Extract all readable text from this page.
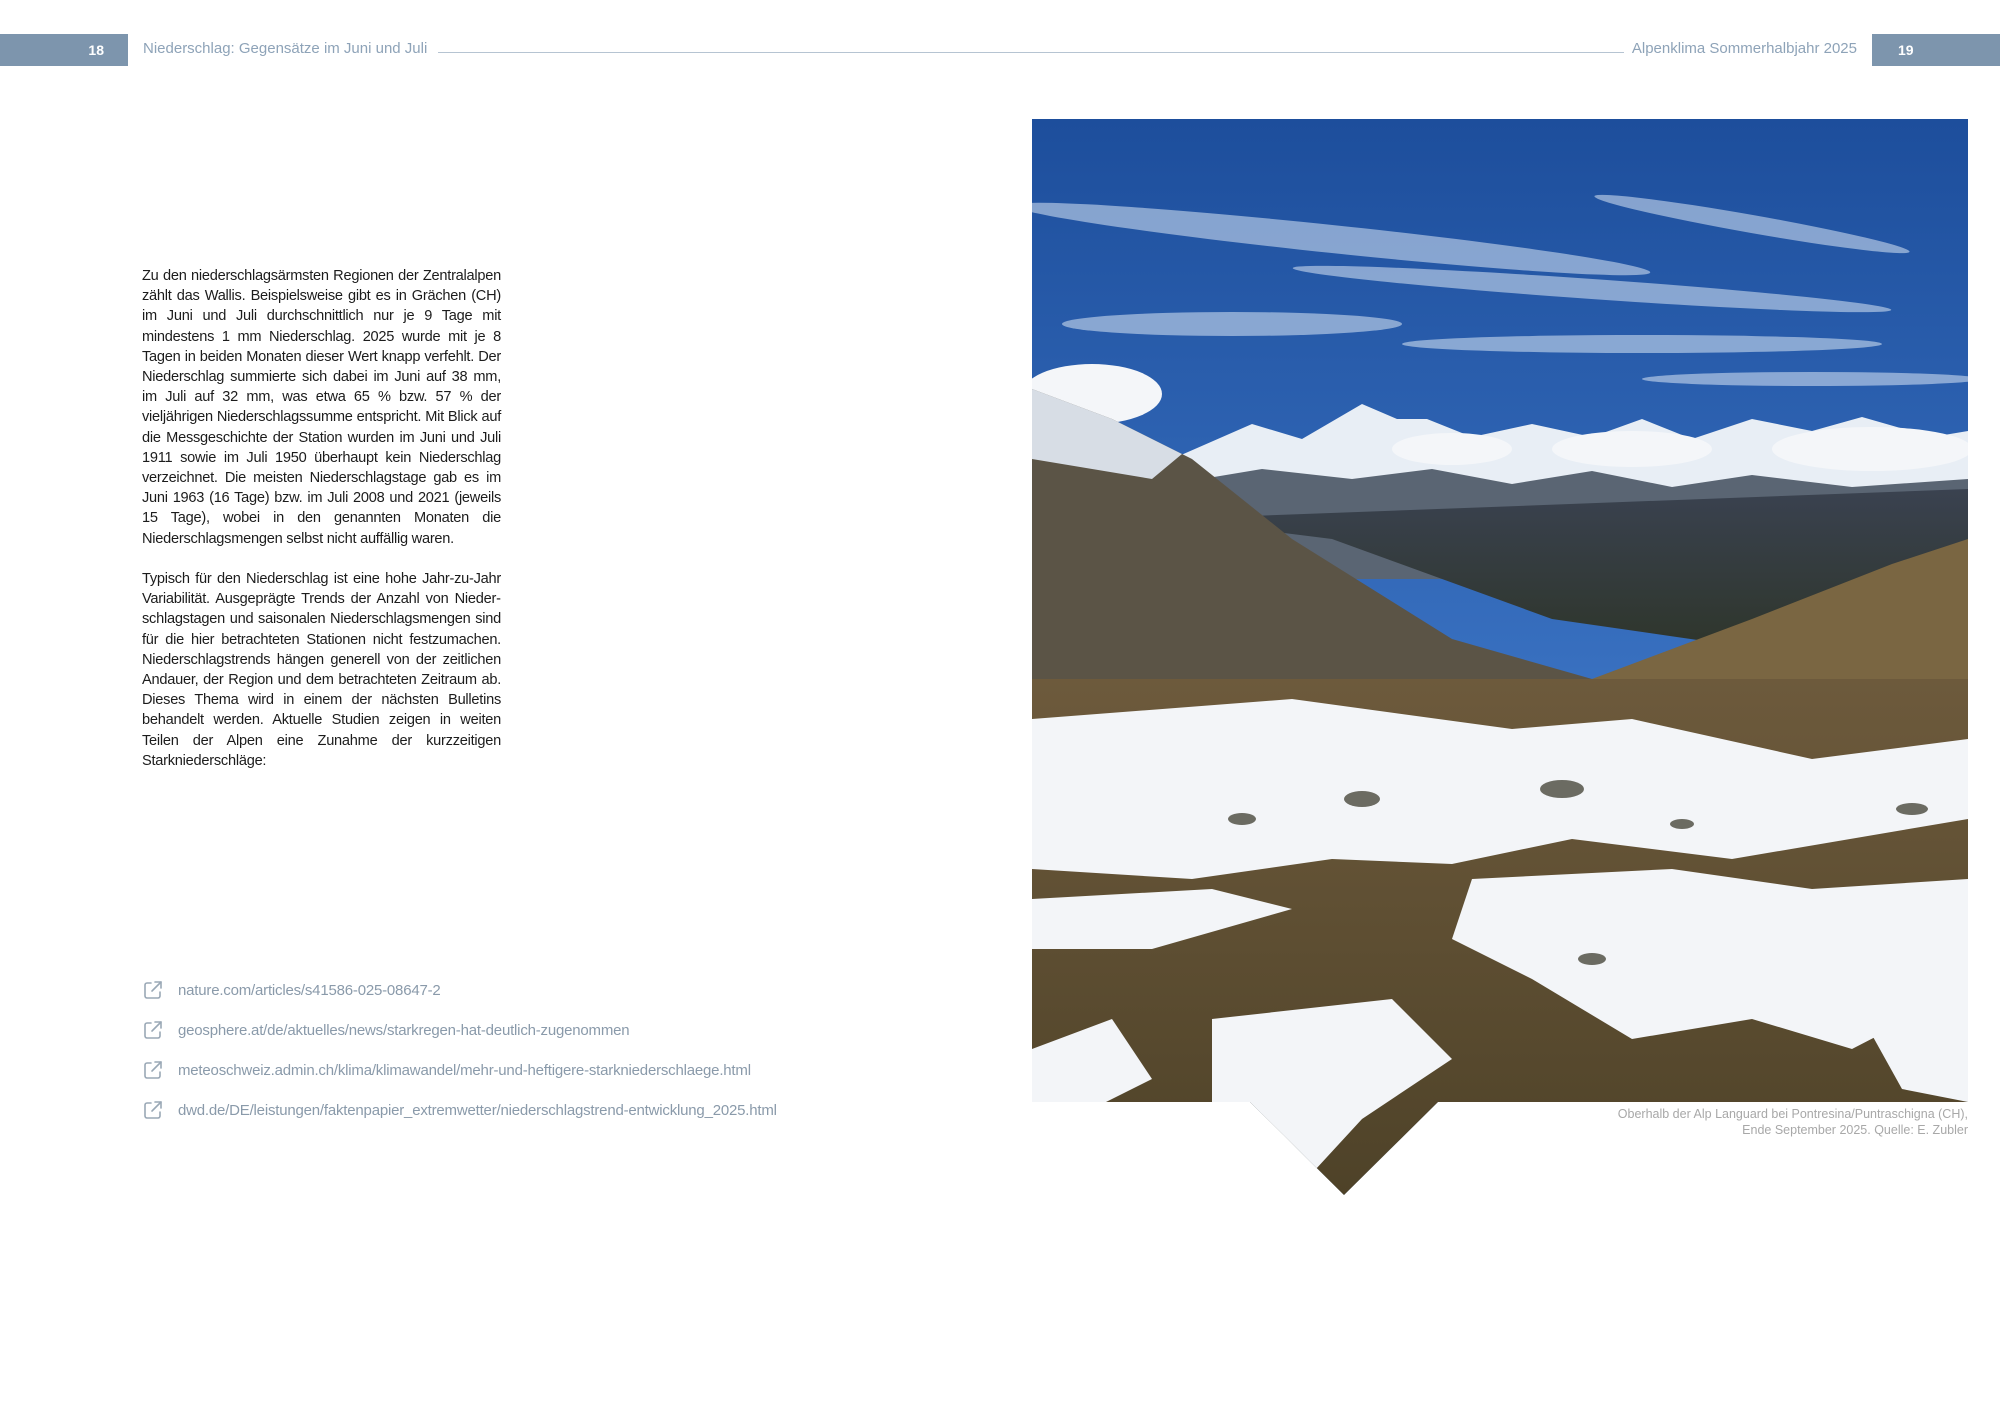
18	Niederschlag: Gegensätze im Juni und Juli	Alpenklima Sommerhalbjahr 2025	19
Zu den niederschlagsärmsten Regionen der Zentralalpen zählt das Wallis. Beispielsweise gibt es in Grächen (CH) im Juni und Juli durchschnittlich nur je 9 Tage mit mindestens 1 mm Niederschlag. 2025 wurde mit je 8 Tagen in beiden Monaten dieser Wert knapp verfehlt. Der Niederschlag summierte sich dabei im Juni auf 38 mm, im Juli auf 32 mm, was etwa 65 % bzw. 57 % der vieljährigen Niederschlagssumme entspricht. Mit Blick auf die Messgeschichte der Station wurden im Juni und Juli 1911 sowie im Juli 1950 überhaupt kein Niederschlag verzeichnet. Die meisten Niederschlagstage gab es im Juni 1963 (16 Tage) bzw. im Juli 2008 und 2021 (jeweils 15 Tage), wobei in den genannten Monaten die Niederschlagsmengen selbst nicht auffällig waren.
Typisch für den Niederschlag ist eine hohe Jahr-zu-Jahr Variabilität. Ausgeprägte Trends der Anzahl von Niederschlagstagen und saisonalen Niederschlagsmengen sind für die hier betrachteten Stationen nicht festzumachen. Niederschlagstrends hängen generell von der zeitlichen Andauer, der Region und dem betrachteten Zeitraum ab. Dieses Thema wird in einem der nächsten Bulletins behandelt werden. Aktuelle Studien zeigen in weiten Teilen der Alpen eine Zunahme der kurzzeitigen Starkniederschläge:
nature.com/articles/s41586-025-08647-2
geosphere.at/de/aktuelles/news/starkregen-hat-deutlich-zugenommen
meteoschweiz.admin.ch/klima/klimawandel/mehr-und-heftigere-starkniederschlaege.html
dwd.de/DE/leistungen/faktenpapier_extremwetter/niederschlagstrend-entwicklung_2025.html	Oberhalb der Alp Languard bei Pontresina/Puntraschigna (CH),
Ende September 2025. Quelle: E. Zubler
